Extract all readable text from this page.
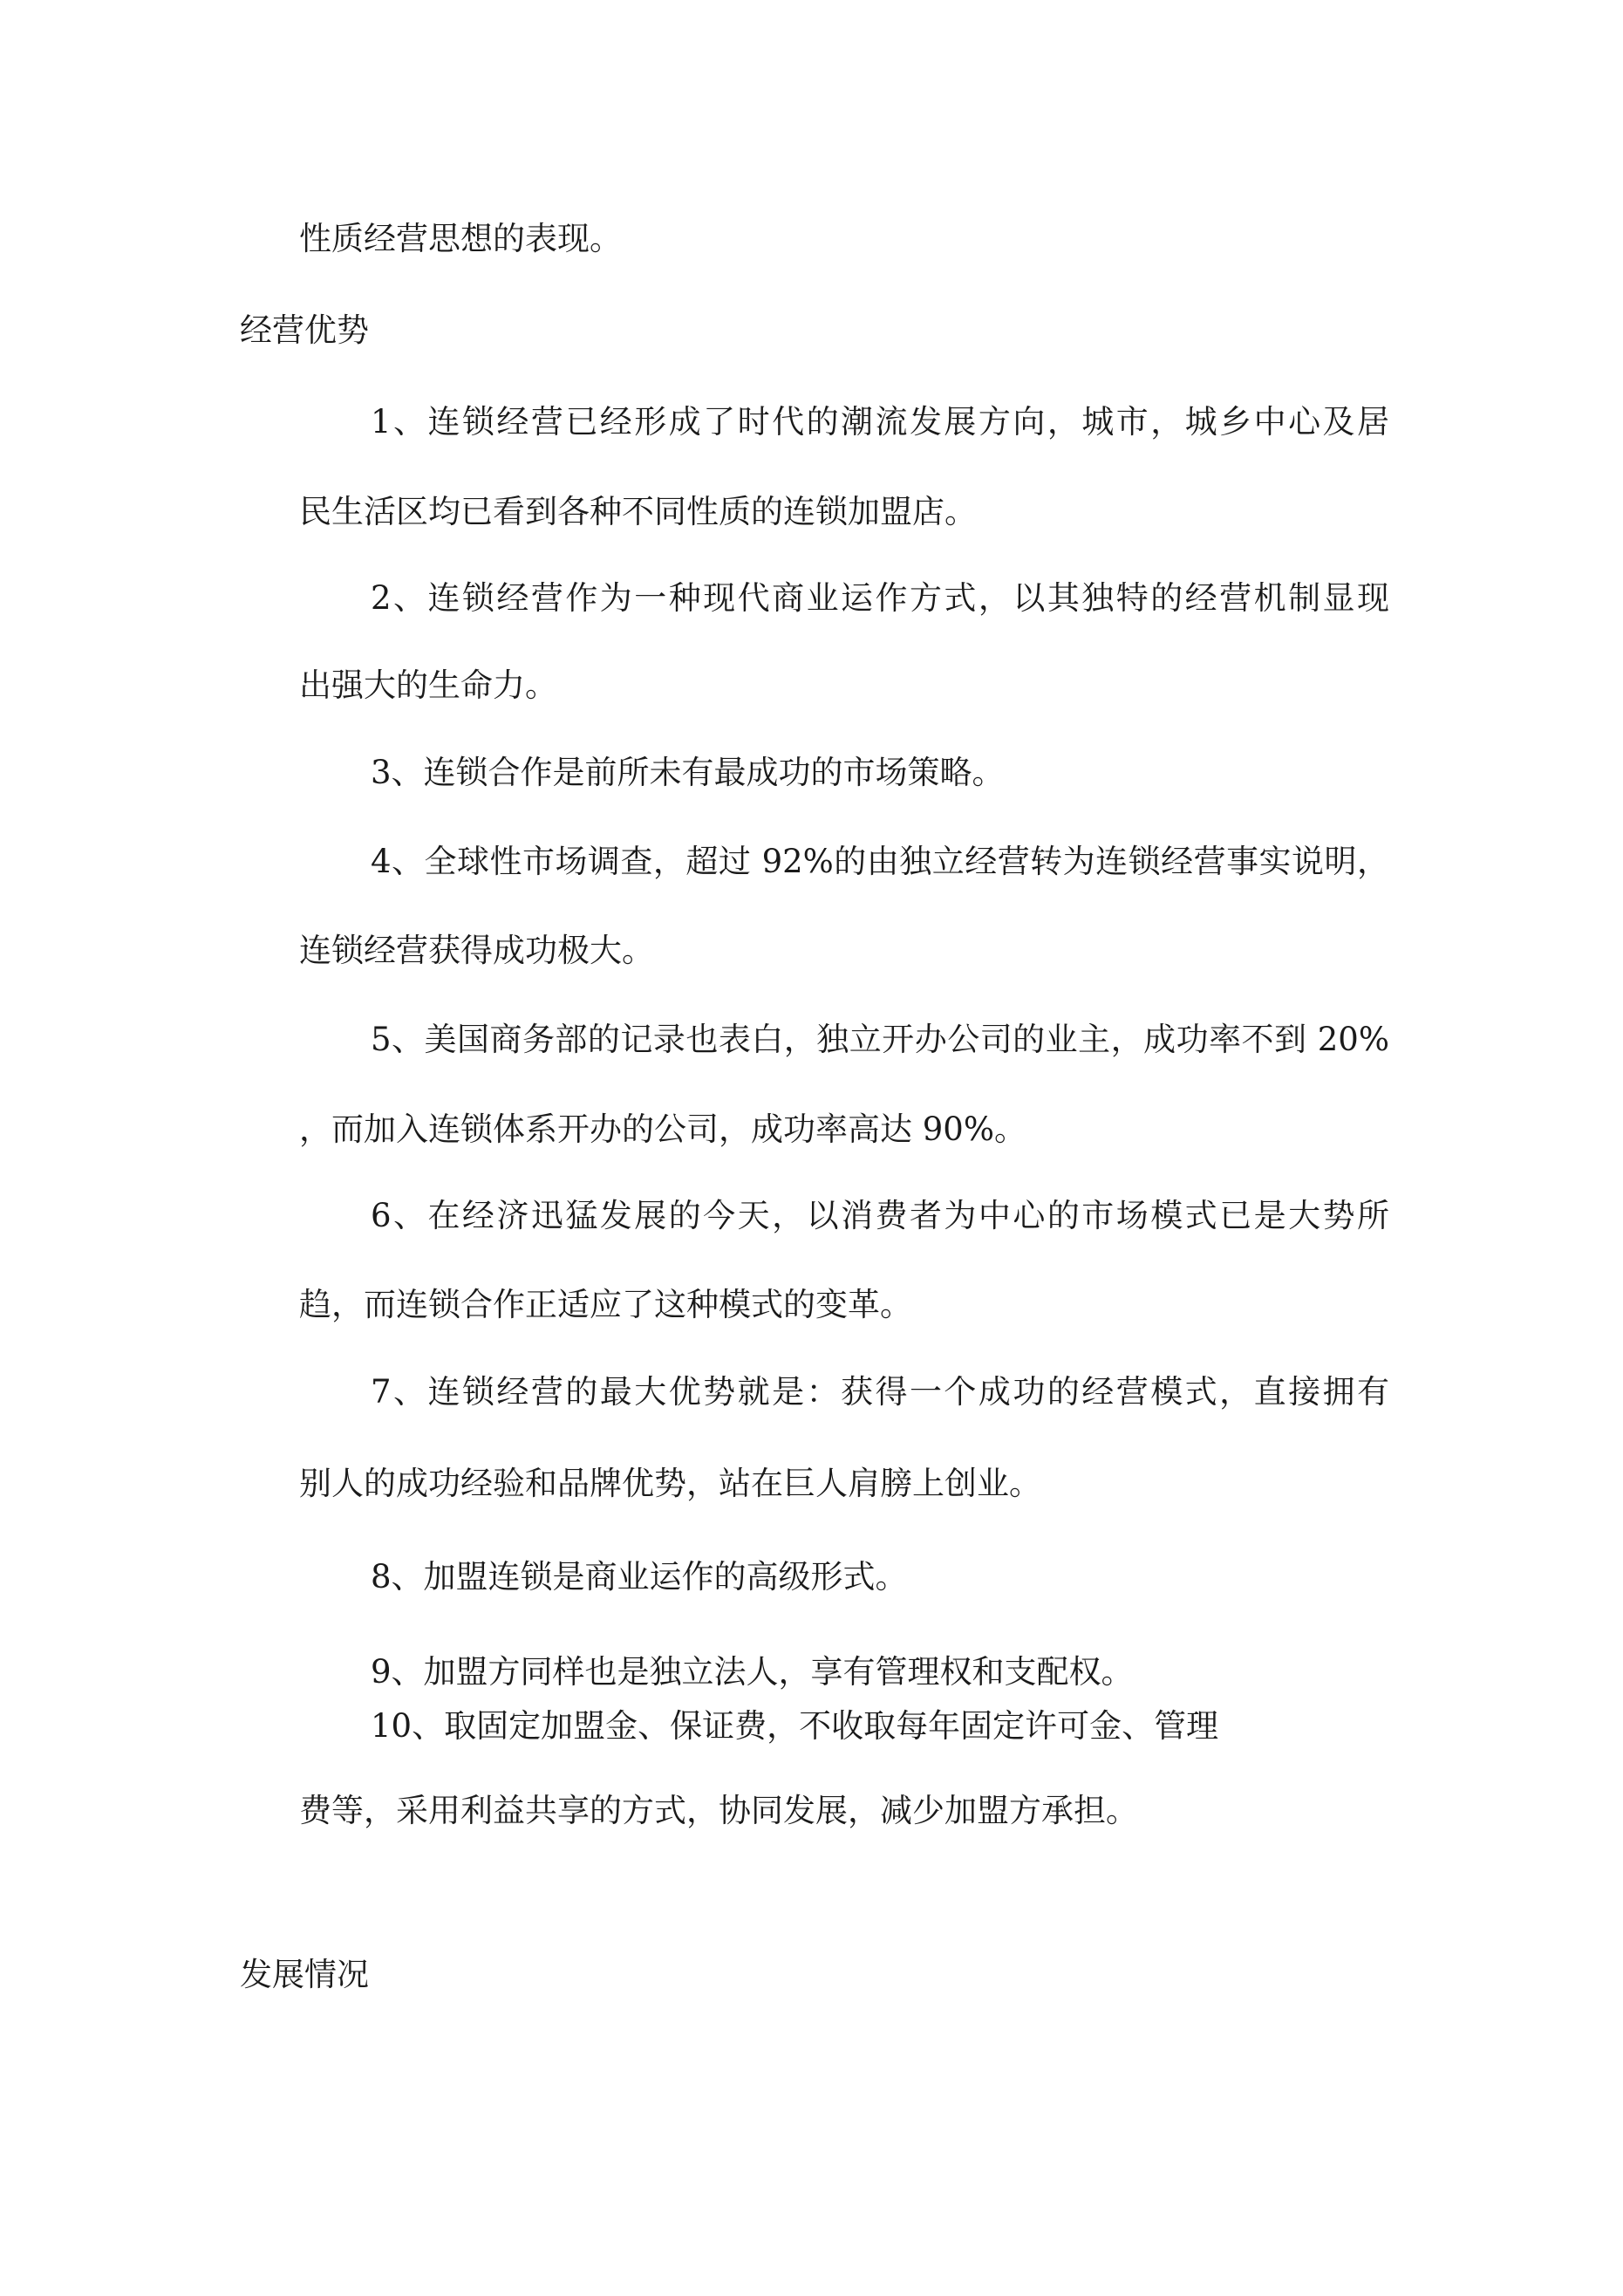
性质经营思想的表现。

经营优势

1、连锁经营已经形成了时代的潮流发展方向，城市，城乡中心及居

民生活区均已看到各种不同性质的连锁加盟店。

2、连锁经营作为一种现代商业运作方式，以其独特的经营机制显现

出强大的生命力。

3、连锁合作是前所未有最成功的市场策略。

4、全球性市场调查，超过 92%的由独立经营转为连锁经营事实说明，

连锁经营获得成功极大。

5、美国商务部的记录也表白，独立开办公司的业主，成功率不到 20%

，而加入连锁体系开办的公司，成功率高达 90%。

6、在经济迅猛发展的今天，以消费者为中心的市场模式已是大势所

趋，而连锁合作正适应了这种模式的变革。

7、连锁经营的最大优势就是：获得一个成功的经营模式，直接拥有

别人的成功经验和品牌优势，站在巨人肩膀上创业。

8、加盟连锁是商业运作的高级形式。

9、加盟方同样也是独立法人，享有管理权和支配权。

10、取固定加盟金、保证费，不收取每年固定许可金、管理

费等，采用利益共享的方式，协同发展，减少加盟方承担。

发展情况
